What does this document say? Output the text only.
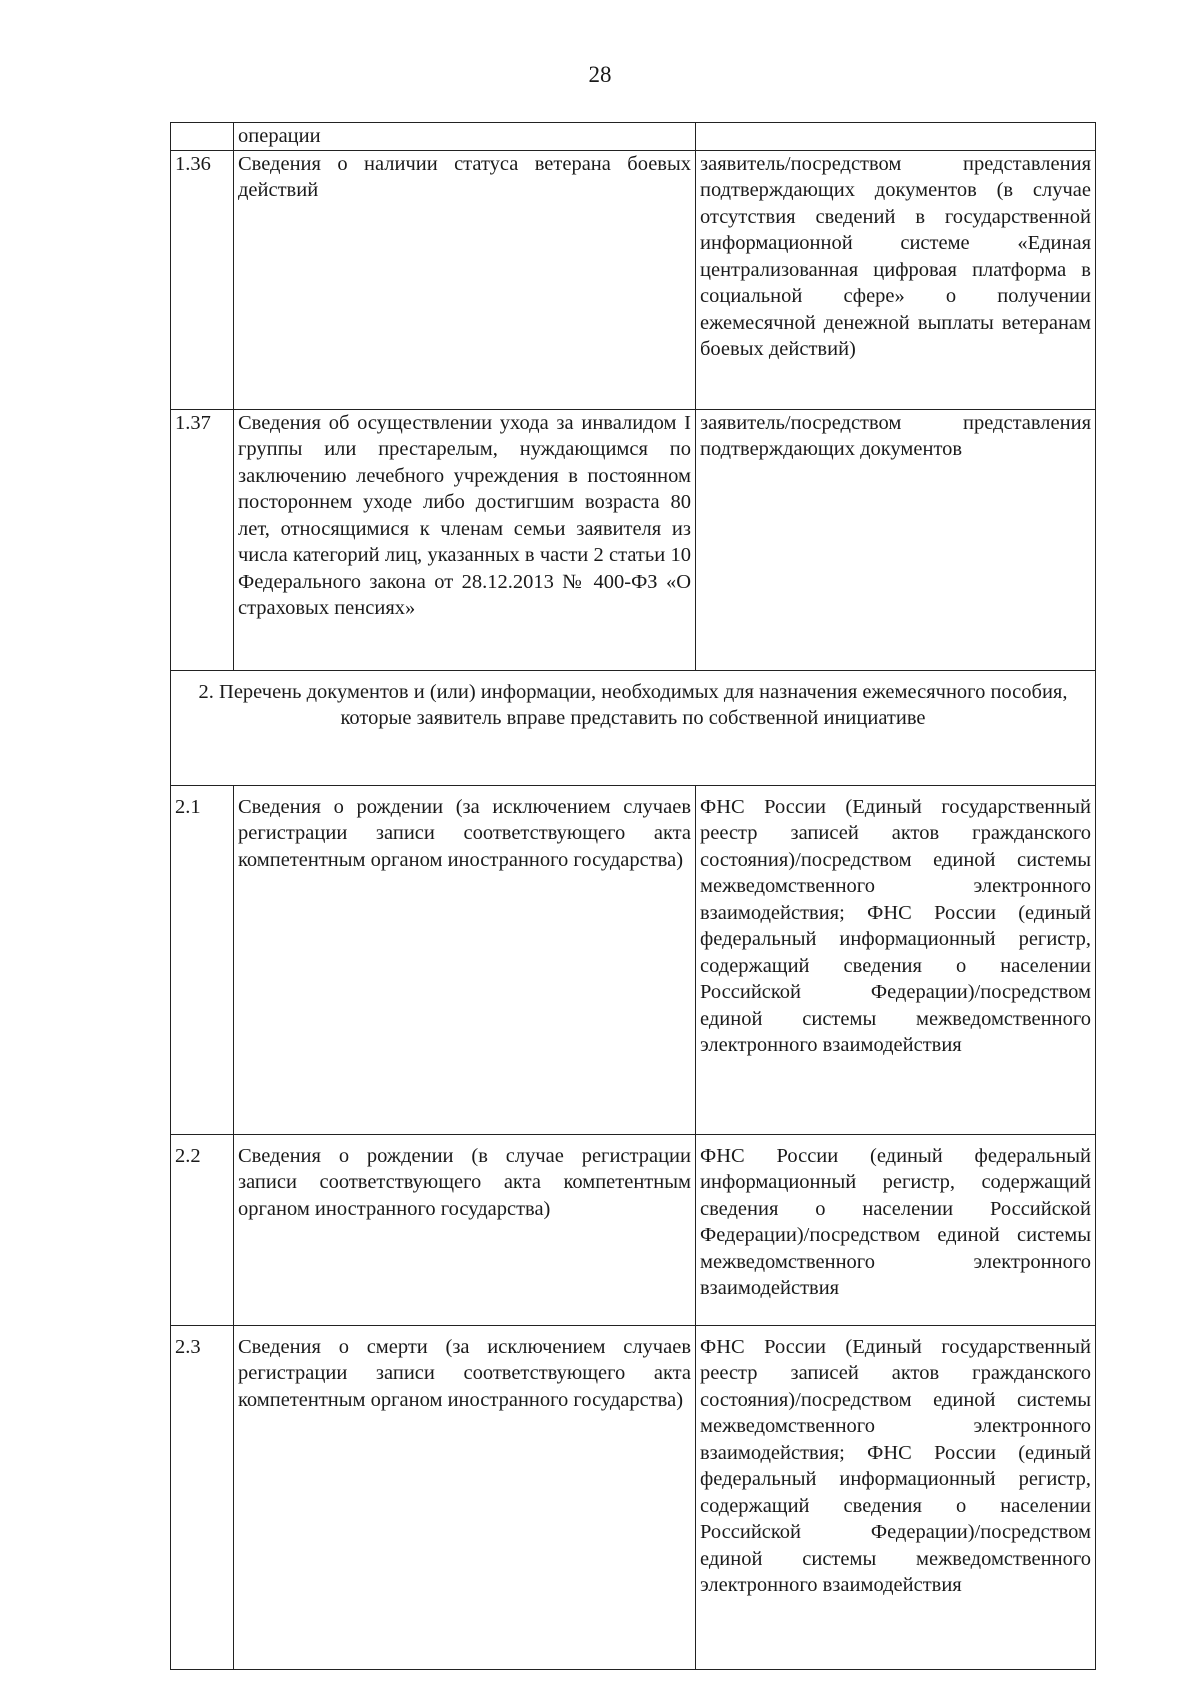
28
	операции	
1.36	Сведения о наличии статуса ветерана боевых действий	заявитель/посредством представления подтверждающих документов (в случае отсутствия сведений в государственной информационной системе «Единая централизованная цифровая платформа в социальной сфере» о получении ежемесячной денежной выплаты ветеранам боевых действий)
1.37	Сведения об осуществлении ухода за инвалидом I группы или престарелым, нуждающимся по заключению лечебного учреждения в постоянном постороннем уходе либо достигшим возраста 80 лет, относящимися к членам семьи заявителя из числа категорий лиц, указанных в части 2 статьи 10 Федерального закона от 28.12.2013 № 400-ФЗ «О страховых пенсиях»	заявитель/посредством представления подтверждающих документов
2. Перечень документов и (или) информации, необходимых для назначения ежемесячного пособия, которые заявитель вправе представить по собственной инициативе		
2.1	Сведения о рождении (за исключением случаев регистрации записи соответствующего акта компетентным органом иностранного государства)	ФНС России (Единый государственный реестр записей актов гражданского состояния)/посредством единой системы межведомственного электронного взаимодействия; ФНС России (единый федеральный информационный регистр, содержащий сведения о населении Российской Федерации)/посредством единой системы межведомственного электронного взаимодействия
2.2	Сведения о рождении (в случае регистрации записи соответствующего акта компетентным органом иностранного государства)	ФНС России (единый федеральный информационный регистр, содержащий сведения о населении Российской Федерации)/посредством единой системы межведомственного электронного взаимодействия
2.3	Сведения о смерти (за исключением случаев регистрации записи соответствующего акта компетентным органом иностранного государства)	ФНС России (Единый государственный реестр записей актов гражданского состояния)/посредством единой системы межведомственного электронного взаимодействия; ФНС России (единый федеральный информационный регистр, содержащий сведения о населении Российской Федерации)/посредством единой системы межведомственного электронного взаимодействия
